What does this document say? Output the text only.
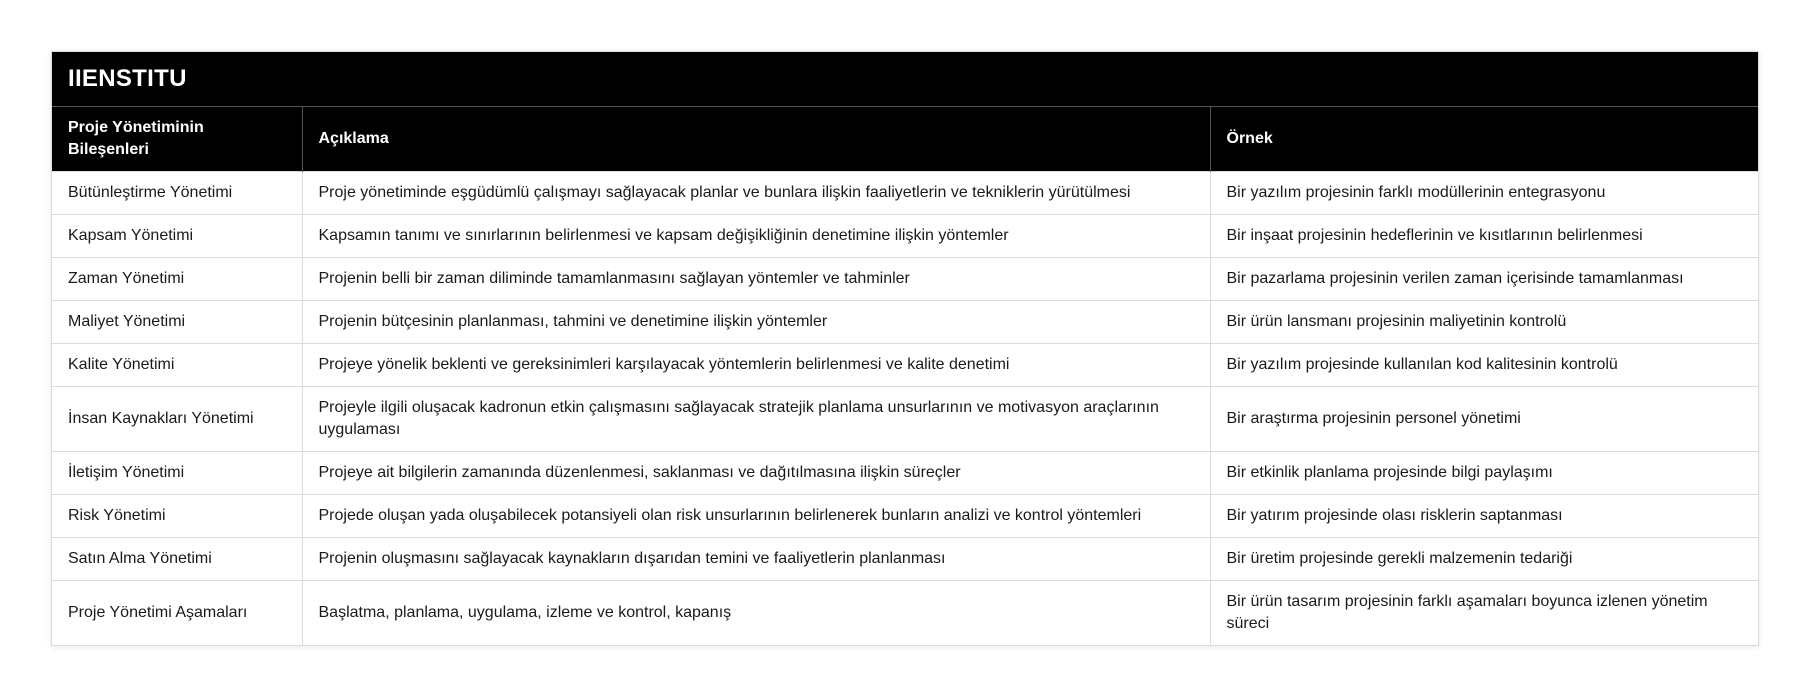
IIENSTITU
Proje Yönetiminin Bileşenleri	Açıklama	Örnek
Bütünleştirme Yönetimi	Proje yönetiminde eşgüdümlü çalışmayı sağlayacak planlar ve bunlara ilişkin faaliyetlerin ve tekniklerin yürütülmesi	Bir yazılım projesinin farklı modüllerinin entegrasyonu
Kapsam Yönetimi	Kapsamın tanımı ve sınırlarının belirlenmesi ve kapsam değişikliğinin denetimine ilişkin yöntemler	Bir inşaat projesinin hedeflerinin ve kısıtlarının belirlenmesi
Zaman Yönetimi	Projenin belli bir zaman diliminde tamamlanmasını sağlayan yöntemler ve tahminler	Bir pazarlama projesinin verilen zaman içerisinde tamamlanması
Maliyet Yönetimi	Projenin bütçesinin planlanması, tahmini ve denetimine ilişkin yöntemler	Bir ürün lansmanı projesinin maliyetinin kontrolü
Kalite Yönetimi	Projeye yönelik beklenti ve gereksinimleri karşılayacak yöntemlerin belirlenmesi ve kalite denetimi	Bir yazılım projesinde kullanılan kod kalitesinin kontrolü
İnsan Kaynakları Yönetimi	Projeyle ilgili oluşacak kadronun etkin çalışmasını sağlayacak stratejik planlama unsurlarının ve motivasyon araçlarının uygulaması	Bir araştırma projesinin personel yönetimi
İletişim Yönetimi	Projeye ait bilgilerin zamanında düzenlenmesi, saklanması ve dağıtılmasına ilişkin süreçler	Bir etkinlik planlama projesinde bilgi paylaşımı
Risk Yönetimi	Projede oluşan yada oluşabilecek potansiyeli olan risk unsurlarının belirlenerek bunların analizi ve kontrol yöntemleri	Bir yatırım projesinde olası risklerin saptanması
Satın Alma Yönetimi	Projenin oluşmasını sağlayacak kaynakların dışarıdan temini ve faaliyetlerin planlanması	Bir üretim projesinde gerekli malzemenin tedariği
Proje Yönetimi Aşamaları	Başlatma, planlama, uygulama, izleme ve kontrol, kapanış	Bir ürün tasarım projesinin farklı aşamaları boyunca izlenen yönetim süreci
